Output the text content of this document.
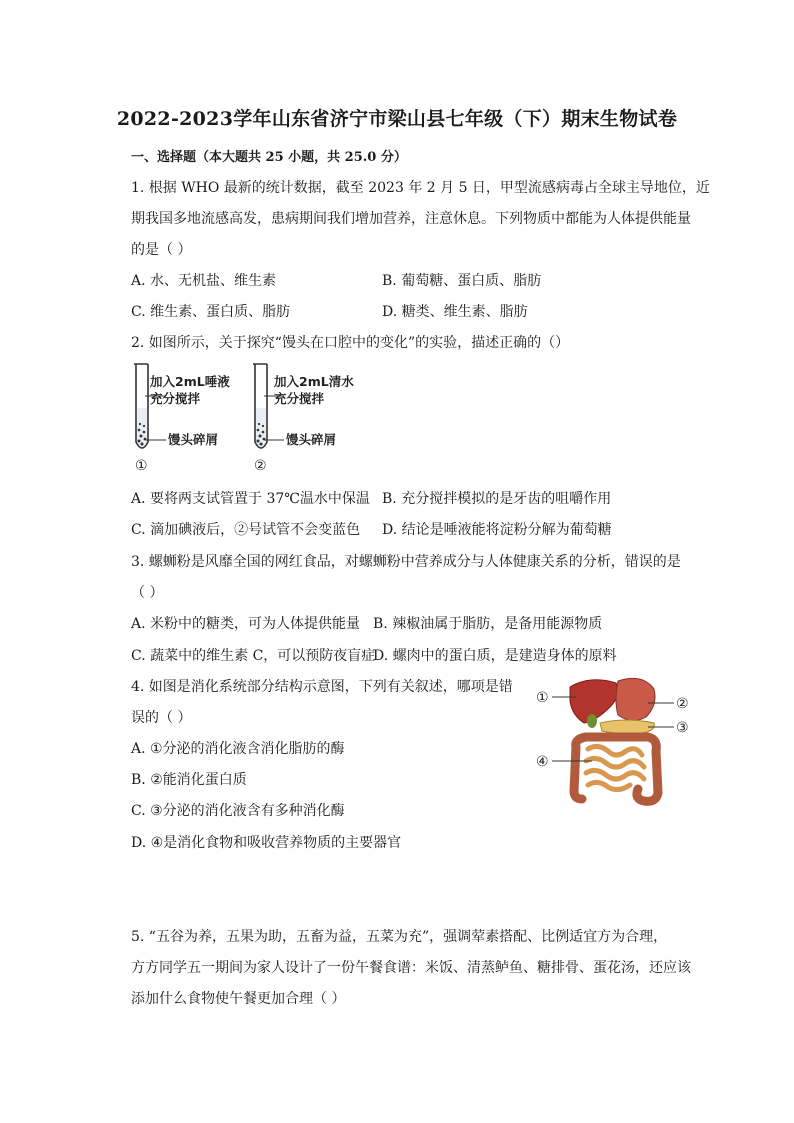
2022-2023学年山东省济宁市梁山县七年级（下）期末生物试卷
一、选择题（本大题共 25 小题，共 25.0 分）
1. 根据 WHO 最新的统计数据，截至 2023 年 2 月 5 日，甲型流感病毒占全球主导地位，近
期我国多地流感高发，患病期间我们增加营养，注意休息。下列物质中都能为人体提供能量
的是（ ）
A. 水、无机盐、维生素	B. 葡萄糖、蛋白质、脂肪
C. 维生素、蛋白质、脂肪	D. 糖类、维生素、脂肪
2. 如图所示，关于探究“馒头在口腔中的变化”的实验，描述正确的（）
加入2mL唾液
充分搅拌
馒头碎屑
①
加入2mL清水
充分搅拌
馒头碎屑
②
A. 要将两支试管置于 37℃温水中保温 B. 充分搅拌模拟的是牙齿的咀嚼作用
C. 滴加碘液后，②号试管不会变蓝色 D. 结论是唾液能将淀粉分解为葡萄糖
3. 螺蛳粉是风靡全国的网红食品，对螺蛳粉中营养成分与人体健康关系的分析，错误的是
（ ）
A. 米粉中的糖类，可为人体提供能量 B. 辣椒油属于脂肪，是备用能源物质
C. 蔬菜中的维生素 C，可以预防夜盲症
D. 螺肉中的蛋白质，是建造身体的原料
4. 如图是消化系统部分结构示意图，下列有关叙述，哪项是错
误的（ ）
A. ①分泌的消化液含消化脂肪的酶
B. ②能消化蛋白质
C. ③分泌的消化液含有多种消化酶
D. ④是消化食物和吸收营养物质的主要器官
①	②
③
④
5. “五谷为养，五果为助，五畜为益，五菜为充”，强调荤素搭配、比例适宜方为合理，
方方同学五一期间为家人设计了一份午餐食谱：米饭、清蒸鲈鱼、糖排骨、蛋花汤，还应该
添加什么食物使午餐更加合理（ ）
